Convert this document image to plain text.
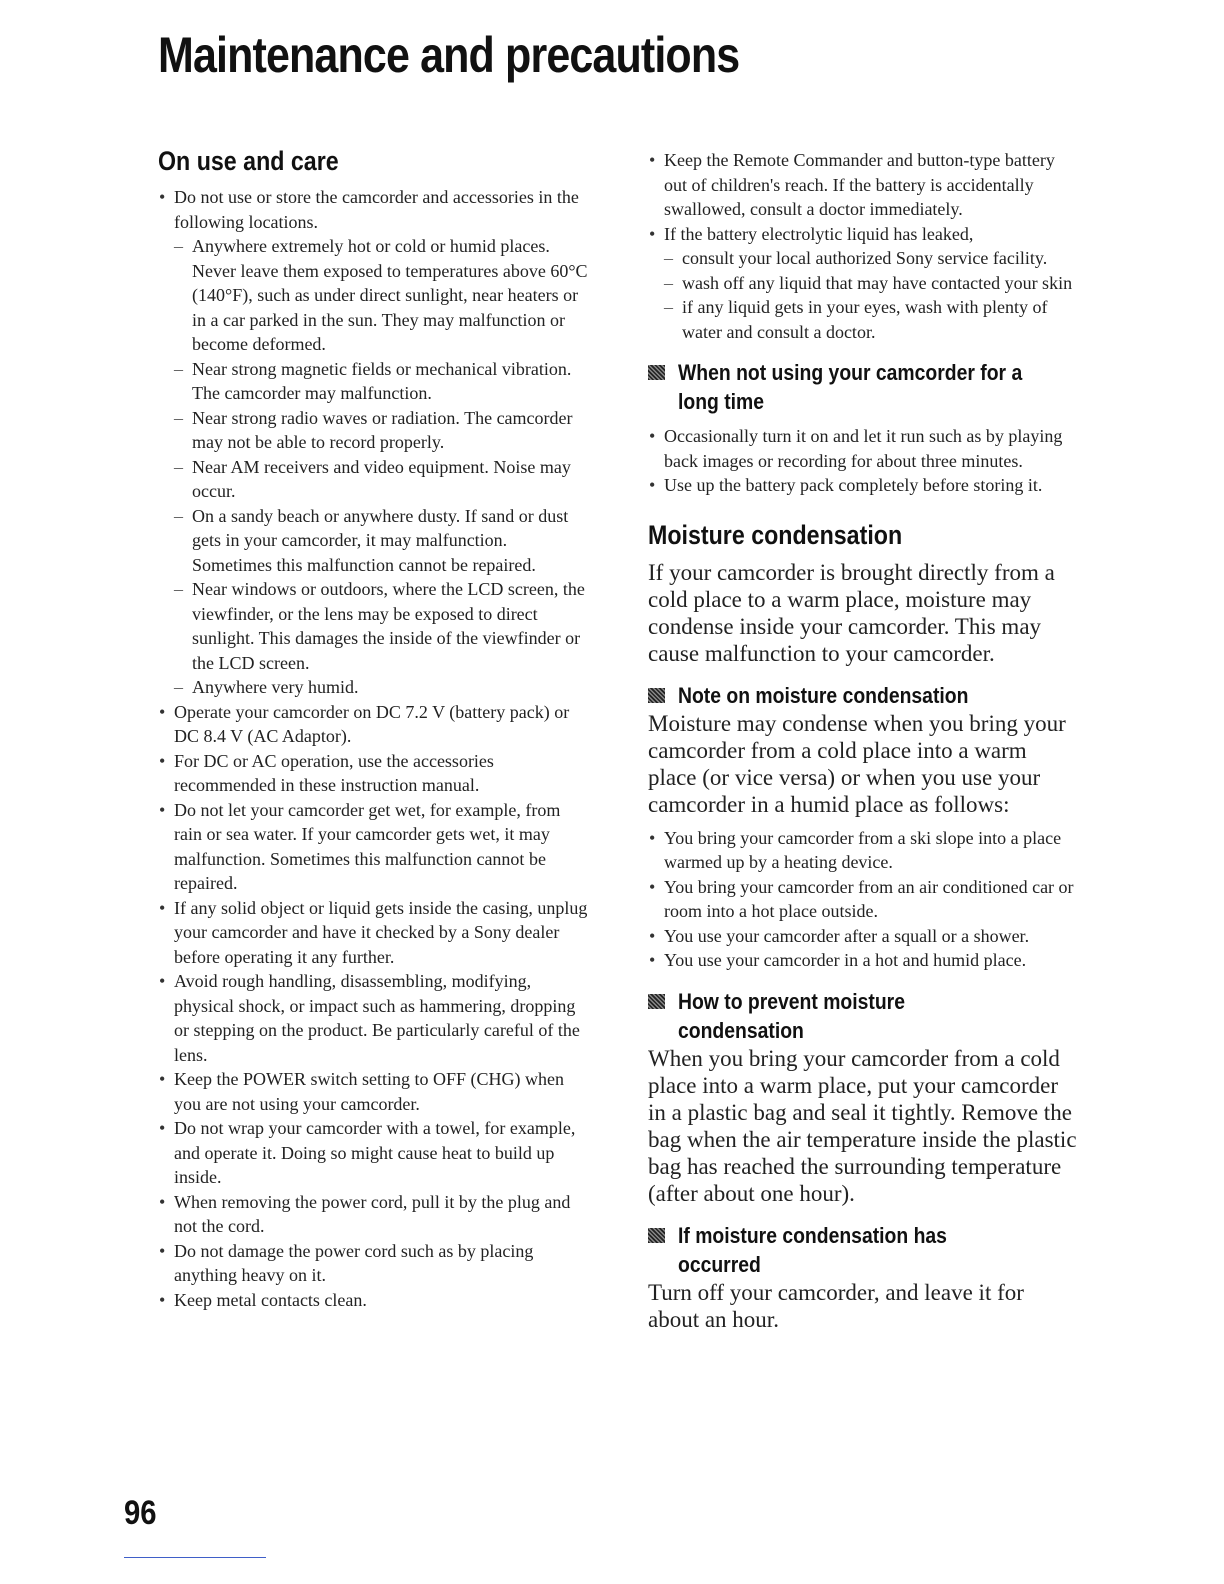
Maintenance and precautions
On use and care
• Do not use or store the camcorder and accessories in the following locations.
– Anywhere extremely hot or cold or humid places. Never leave them exposed to temperatures above 60°C (140°F), such as under direct sunlight, near heaters or in a car parked in the sun. They may malfunction or become deformed.
– Near strong magnetic fields or mechanical vibration. The camcorder may malfunction.
– Near strong radio waves or radiation. The camcorder may not be able to record properly.
– Near AM receivers and video equipment. Noise may occur.
– On a sandy beach or anywhere dusty. If sand or dust gets in your camcorder, it may malfunction. Sometimes this malfunction cannot be repaired.
– Near windows or outdoors, where the LCD screen, the viewfinder, or the lens may be exposed to direct sunlight. This damages the inside of the viewfinder or the LCD screen.
– Anywhere very humid.
• Operate your camcorder on DC 7.2 V (battery pack) or DC 8.4 V (AC Adaptor).
• For DC or AC operation, use the accessories recommended in these instruction manual.
• Do not let your camcorder get wet, for example, from rain or sea water. If your camcorder gets wet, it may malfunction. Sometimes this malfunction cannot be repaired.
• If any solid object or liquid gets inside the casing, unplug your camcorder and have it checked by a Sony dealer before operating it any further.
• Avoid rough handling, disassembling, modifying, physical shock, or impact such as hammering, dropping or stepping on the product. Be particularly careful of the lens.
• Keep the POWER switch setting to OFF (CHG) when you are not using your camcorder.
• Do not wrap your camcorder with a towel, for example, and operate it. Doing so might cause heat to build up inside.
• When removing the power cord, pull it by the plug and not the cord.
• Do not damage the power cord such as by placing anything heavy on it.
• Keep metal contacts clean.
• Keep the Remote Commander and button-type battery out of children's reach. If the battery is accidentally swallowed, consult a doctor immediately.
• If the battery electrolytic liquid has leaked,
– consult your local authorized Sony service facility.
– wash off any liquid that may have contacted your skin
– if any liquid gets in your eyes, wash with plenty of water and consult a doctor.
When not using your camcorder for a long time
• Occasionally turn it on and let it run such as by playing back images or recording for about three minutes.
• Use up the battery pack completely before storing it.
Moisture condensation

If your camcorder is brought directly from a cold place to a warm place, moisture may condense inside your camcorder. This may cause malfunction to your camcorder.

Note on moisture condensation

Moisture may condense when you bring your camcorder from a cold place into a warm place (or vice versa) or when you use your camcorder in a humid place as follows:

• You bring your camcorder from a ski slope into a place warmed up by a heating device.
• You bring your camcorder from an air conditioned car or room into a hot place outside.
• You use your camcorder after a squall or a shower.
• You use your camcorder in a hot and humid place.
How to prevent moisture condensation

When you bring your camcorder from a cold place into a warm place, put your camcorder in a plastic bag and seal it tightly. Remove the bag when the air temperature inside the plastic bag has reached the surrounding temperature (after about one hour).

If moisture condensation has occurred

Turn off your camcorder, and leave it for about an hour.

96
